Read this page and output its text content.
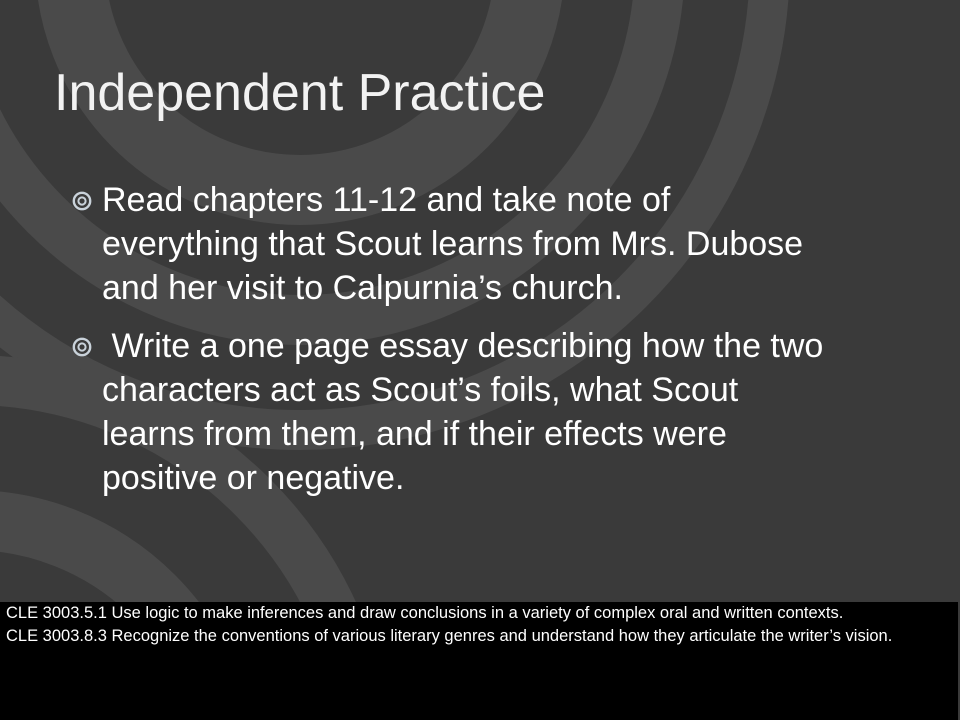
Independent Practice
Read chapters 11-12 and take note of everything that Scout learns from Mrs. Dubose and her visit to Calpurnia’s church.
Write a one page essay describing how the two characters act as Scout’s foils, what Scout learns from them, and if their effects were positive or negative.
CLE 3003.5.1 Use logic to make inferences and draw conclusions in a variety of complex oral and written contexts.
CLE 3003.8.3 Recognize the conventions of various literary genres and understand how they articulate the writer’s vision.
